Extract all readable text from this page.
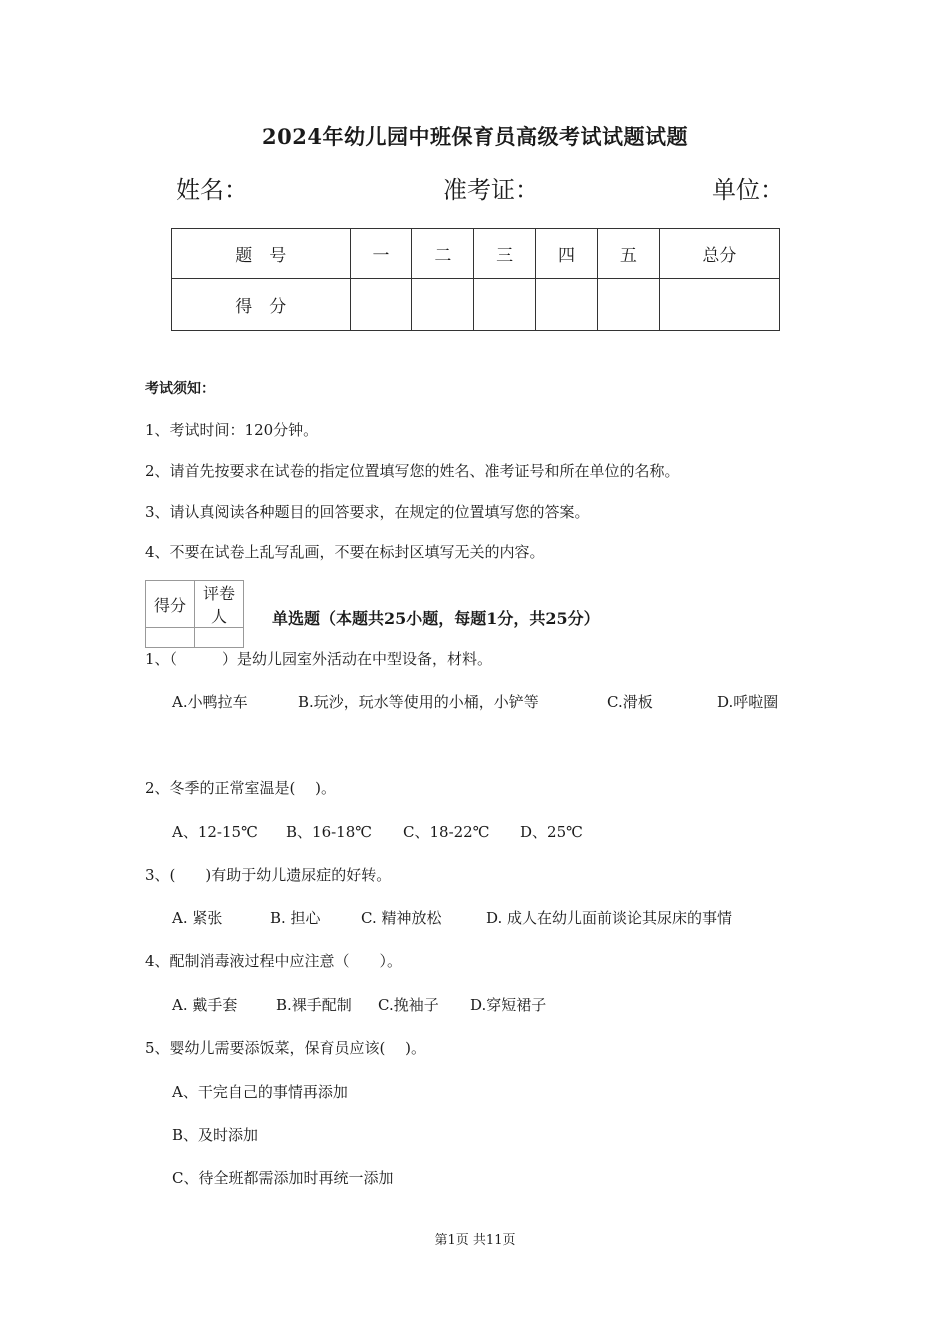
2024年幼儿园中班保育员高级考试试题试题
姓名：	准考证：	单位：
题　号	一	二	三	四	五	总分
得　分						
考试须知：
1、考试时间：120分钟。
2、请首先按要求在试卷的指定位置填写您的姓名、准考证号和所在单位的名称。
3、请认真阅读各种题目的回答要求，在规定的位置填写您的答案。
4、不要在试卷上乱写乱画，不要在标封区填写无关的内容。
得分	评卷人
		单选题（本题共25小题，每题1分，共25分）
1、（　　　）是幼儿园室外活动在中型设备，材料。
A.小鸭拉车	B.玩沙，玩水等使用的小桶，小铲等	C.滑板	D.呼啦圈
2、冬季的正常室温是(　 )。
A、12-15℃ B、16-18℃ C、18-22℃ D、25℃
3、(　　)有助于幼儿遗尿症的好转。
A. 紧张	B. 担心	C. 精神放松	D. 成人在幼儿面前谈论其尿床的事情
4、配制消毒液过程中应注意（　　）。
A. 戴手套	B.裸手配制 C.挽袖子 D.穿短裙子
5、婴幼儿需要添饭菜，保育员应该(　 )。
A、干完自己的事情再添加
B、及时添加
C、待全班都需添加时再统一添加
第1页 共11页
